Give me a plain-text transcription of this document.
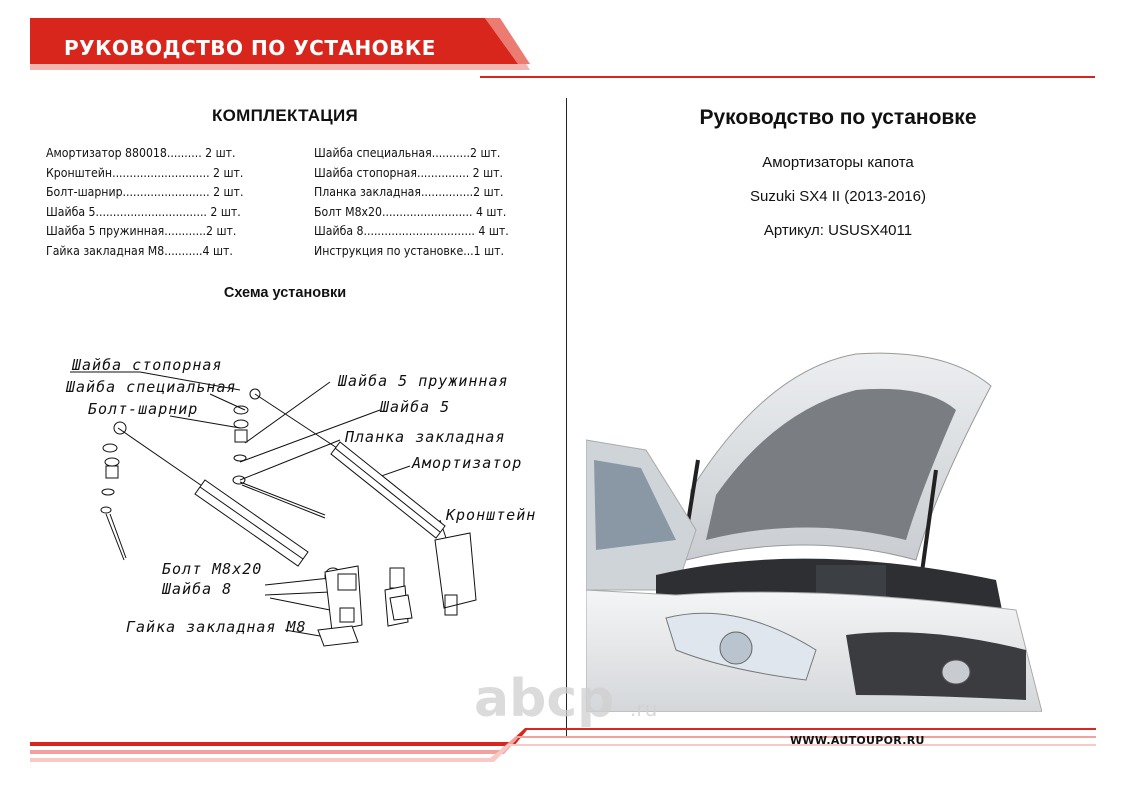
РУКОВОДСТВО ПО УСТАНОВКЕ
КОМПЛЕКТАЦИЯ
Амортизатор 880018.......... 2 шт.
Кронштейн............................ 2 шт.
Болт-шарнир......................... 2 шт.
Шайба 5................................ 2 шт.
Шайба 5 пружинная............2 шт.
Гайка закладная М8...........4 шт.
Шайба специальная...........2 шт.
Шайба стопорная............... 2 шт.
Планка закладная...............2 шт.
Болт М8х20.......................... 4 шт.
Шайба 8................................ 4 шт.
Инструкция по установке...1 шт.
Схема установки
Шайба стопорная
Шайба специальная
Болт-шарнир
Шайба 5 пружинная
Шайба 5
Планка закладная
Амортизатор
Кронштейн
Болт М8х20
Шайба 8
Гайка закладная М8
Руководство по установке
Амортизаторы капота
Suzuki SX4 II (2013-2016)
Артикул: USUSX4011
abcp .ru
WWW.AUTOUPOR.RU
